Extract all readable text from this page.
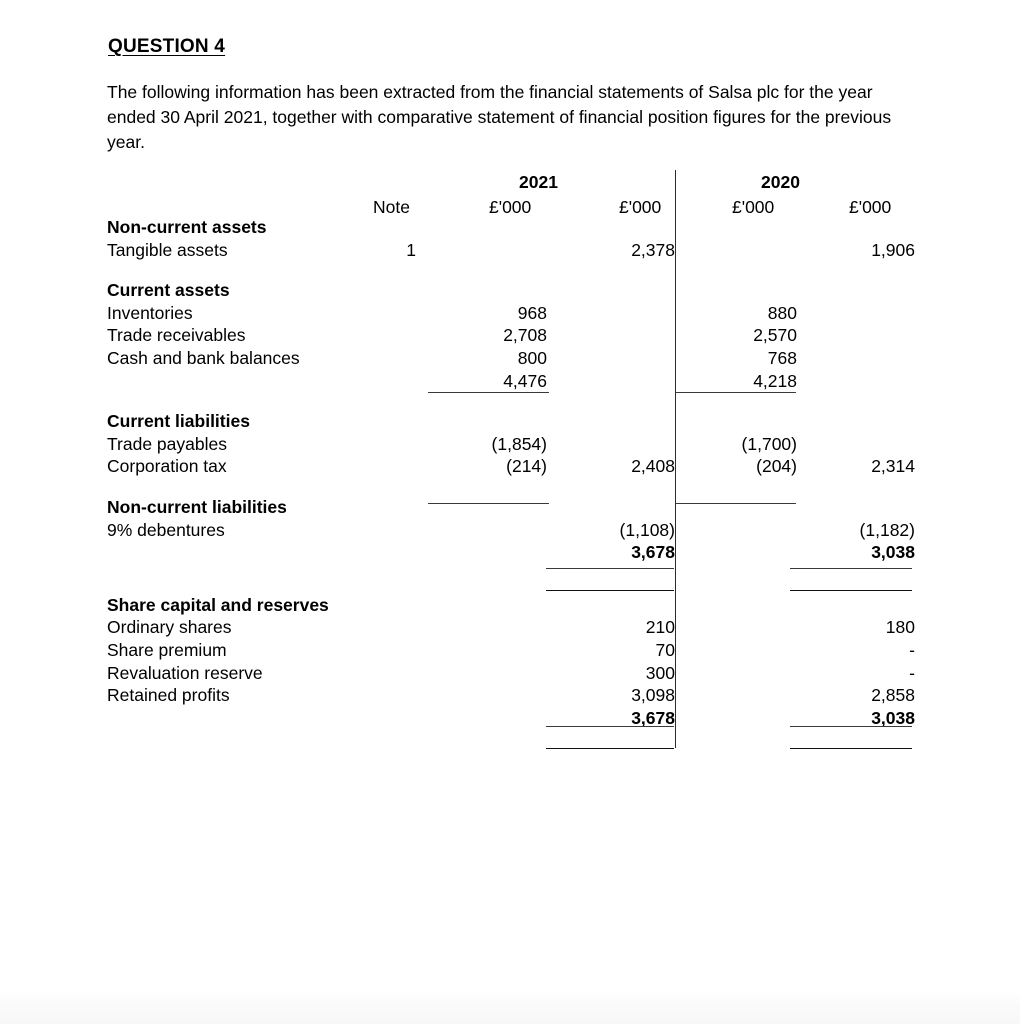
QUESTION 4
The following information has been extracted from the financial statements of Salsa plc for the year ended 30 April 2021, together with comparative statement of financial position figures for the previous year.
2021	2020
Note	£'000	£'000	£'000	£'000

Non-current assets					
Tangible assets	1		2,378		1,906

Current assets					
Inventories		968		880	
Trade receivables		2,708		2,570	
Cash and bank balances		800		768	
		4,476		4,218	

Current liabilities					
Trade payables		(1,854)		(1,700)	
Corporation tax		(214)	2,408	(204)	2,314

Non-current liabilities					
9% debentures			(1,108)		(1,182)
			3,678		3,038

Share capital and reserves					
Ordinary shares			210		180
Share premium			70		-
Revaluation reserve			300		-
Retained profits			3,098		2,858
			3,678		3,038
